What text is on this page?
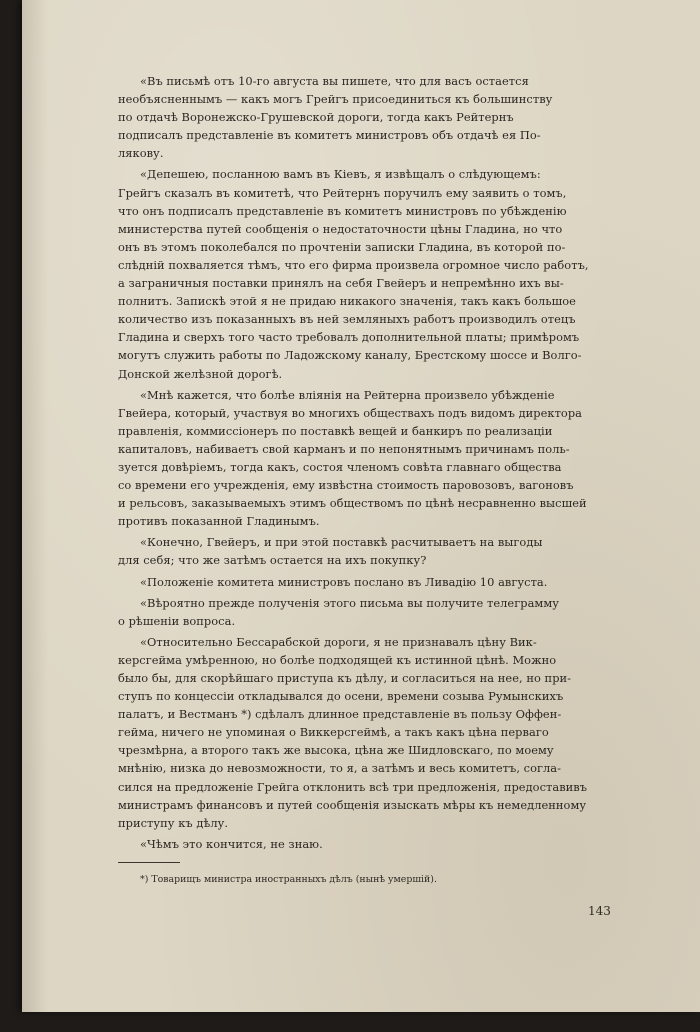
«Въ письмѣ отъ 10-го августа вы пишете, что для васъ остается
необъясненнымъ — какъ могъ Грейгъ присоединиться къ большинству
по отдачѣ Воронежско-Грушевской дороги, тогда какъ Рейтернъ
подписалъ представленіе въ комитетъ министровъ объ отдачѣ ея По-
лякову.

«Депешею, посланною вамъ въ Кіевъ, я извѣщалъ о слѣдующемъ:
Грейгъ сказалъ въ комитетѣ, что Рейтернъ поручилъ ему заявить о томъ,
что онъ подписалъ представленіе въ комитетъ министровъ по убѣжденію
министерства путей сообщенія о недостаточности цѣны Гладина, но что
онъ въ этомъ поколебался по прочтеніи записки Гладина, въ которой по-
слѣдній похваляется тѣмъ, что его фирма произвела огромное число работъ,
а заграничныя поставки принялъ на себя Гвейеръ и непремѣнно ихъ вы-
полнитъ. Запискѣ этой я не придаю никакого значенія, такъ какъ большое
количество изъ показанныхъ въ ней земляныхъ работъ производилъ отецъ
Гладина и сверхъ того часто требовалъ дополнительной платы; примѣромъ
могутъ служить работы по Ладожскому каналу, Брестскому шоссе и Волго-
Донской желѣзной дорогѣ.

«Мнѣ кажется, что болѣе вліянія на Рейтерна произвело убѣжденіе
Гвейера, который, участвуя во многихъ обществахъ подъ видомъ директора
правленія, коммиссіонеръ по поставкѣ вещей и банкиръ по реализаціи
капиталовъ, набиваетъ свой карманъ и по непонятнымъ причинамъ поль-
зуется довѣріемъ, тогда какъ, состоя членомъ совѣта главнаго общества
со времени его учрежденія, ему извѣстна стоимость паровозовъ, вагоновъ
и рельсовъ, заказываемыхъ этимъ обществомъ по цѣнѣ несравненно высшей
противъ показанной Гладинымъ.

«Конечно, Гвейеръ, и при этой поставкѣ расчитываетъ на выгоды
для себя; что же затѣмъ остается на ихъ покупку?

«Положеніе комитета министровъ послано въ Ливадію 10 августа.

«Вѣроятно прежде полученія этого письма вы получите телеграмму
о рѣшеніи вопроса.

«Относительно Бессарабской дороги, я не признавалъ цѣну Вик-
керсгейма умѣренною, но болѣе подходящей къ истинной цѣнѣ. Можно
было бы, для скорѣйшаго приступа къ дѣлу, и согласиться на нее, но при-
ступъ по концессіи откладывался до осени, времени созыва Румынскихъ
палатъ, и Вестманъ *) сдѣлалъ длинное представленіе въ пользу Оффен-
гейма, ничего не упоминая о Виккерсгеймѣ, а такъ какъ цѣна перваго
чрезмѣрна, а второго такъ же высока, цѣна же Шидловскаго, по моему
мнѣнію, низка до невозможности, то я, а затѣмъ и весь комитетъ, согла-
сился на предложеніе Грейга отклонить всѣ три предложенія, предоставивъ
министрамъ финансовъ и путей сообщенія изыскать мѣры къ немедленному
приступу къ дѣлу.

«Чѣмъ это кончится, не знаю.

*) Товарищъ министра иностранныхъ дѣлъ (нынѣ умершій).
143
